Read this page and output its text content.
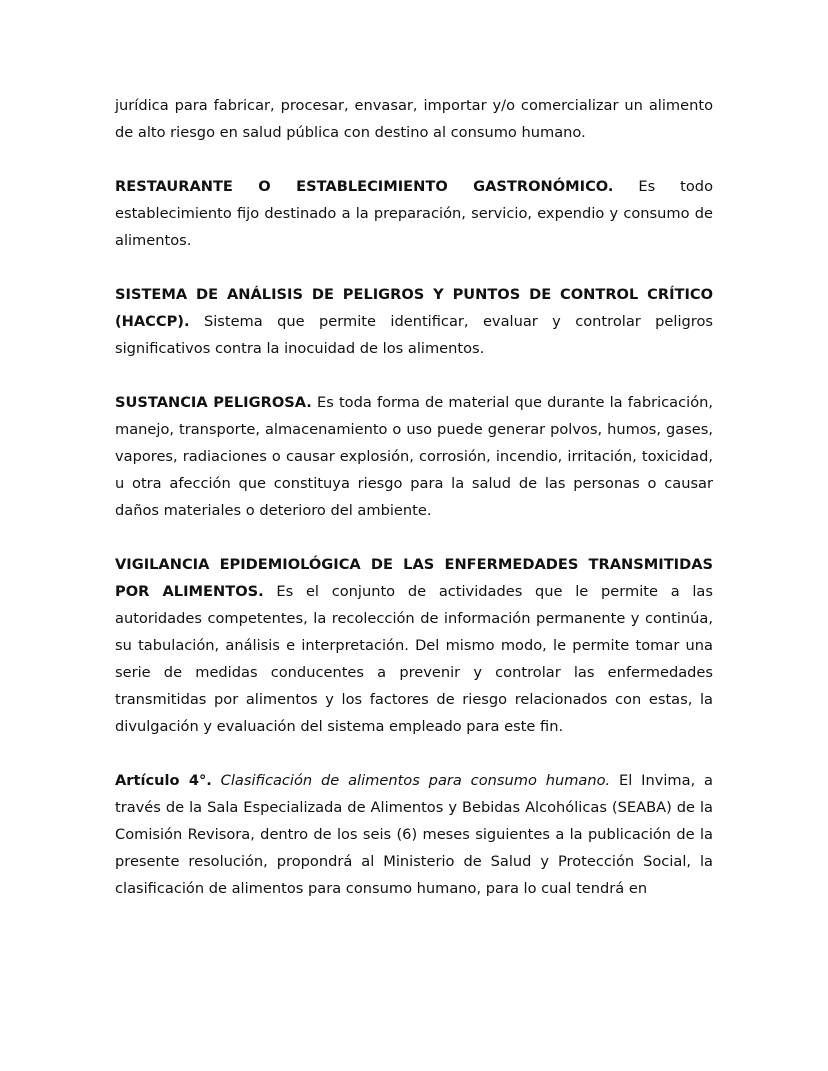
jurídica para fabricar, procesar, envasar, importar y/o comercializar un alimento de alto riesgo en salud pública con destino al consumo humano.

RESTAURANTE O ESTABLECIMIENTO GASTRONÓMICO. Es todo establecimiento fijo destinado a la preparación, servicio, expendio y consumo de alimentos.

SISTEMA DE ANÁLISIS DE PELIGROS Y PUNTOS DE CONTROL CRÍTICO (HACCP). Sistema que permite identificar, evaluar y controlar peligros significativos contra la inocuidad de los alimentos.

SUSTANCIA PELIGROSA. Es toda forma de material que durante la fabricación, manejo, transporte, almacenamiento o uso puede generar polvos, humos, gases, vapores, radiaciones o causar explosión, corrosión, incendio, irritación, toxicidad, u otra afección que constituya riesgo para la salud de las personas o causar daños materiales o deterioro del ambiente.

VIGILANCIA EPIDEMIOLÓGICA DE LAS ENFERMEDADES TRANSMITIDAS POR ALIMENTOS. Es el conjunto de actividades que le permite a las autoridades competentes, la recolección de información permanente y continúa, su tabulación, análisis e interpretación. Del mismo modo, le permite tomar una serie de medidas conducentes a prevenir y controlar las enfermedades transmitidas por alimentos y los factores de riesgo relacionados con estas, la divulgación y evaluación del sistema empleado para este fin.

Artículo 4°. Clasificación de alimentos para consumo humano. El Invima, a través de la Sala Especializada de Alimentos y Bebidas Alcohólicas (SEABA) de la Comisión Revisora, dentro de los seis (6) meses siguientes a la publicación de la presente resolución, propondrá al Ministerio de Salud y Protección Social, la clasificación de alimentos para consumo humano, para lo cual tendrá en
